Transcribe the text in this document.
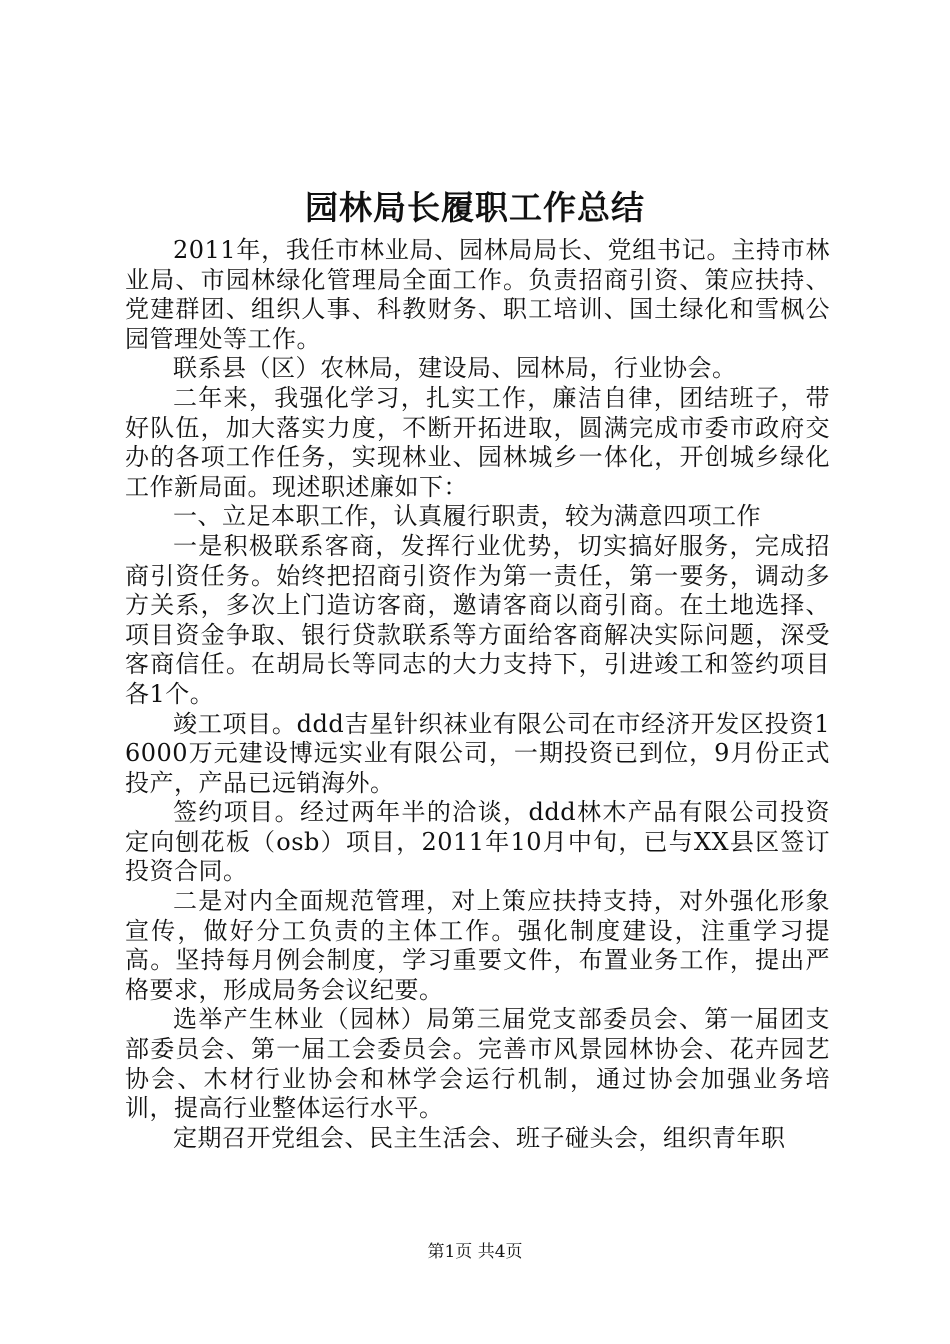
园林局长履职工作总结

2011年，我任市林业局、园林局局长、党组书记。主持市林业局、市园林绿化管理局全面工作。负责招商引资、策应扶持、党建群团、组织人事、科教财务、职工培训、国土绿化和雪枫公园管理处等工作。

联系县（区）农林局，建设局、园林局，行业协会。

二年来，我强化学习，扎实工作，廉洁自律，团结班子，带好队伍，加大落实力度，不断开拓进取，圆满完成市委市政府交办的各项工作任务，实现林业、园林城乡一体化，开创城乡绿化工作新局面。现述职述廉如下：

一、立足本职工作，认真履行职责，较为满意四项工作

一是积极联系客商，发挥行业优势，切实搞好服务，完成招商引资任务。始终把招商引资作为第一责任，第一要务，调动多方关系，多次上门造访客商，邀请客商以商引商。在土地选择、项目资金争取、银行贷款联系等方面给客商解决实际问题，深受客商信任。在胡局长等同志的大力支持下，引进竣工和签约项目各1个。

竣工项目。ddd吉星针织袜业有限公司在市经济开发区投资16000万元建设博远实业有限公司，一期投资已到位，9月份正式投产，产品已远销海外。

签约项目。经过两年半的洽谈，ddd林木产品有限公司投资定向刨花板（osb）项目，2011年10月中旬，已与XX县区签订投资合同。

二是对内全面规范管理，对上策应扶持支持，对外强化形象宣传，做好分工负责的主体工作。强化制度建设，注重学习提高。坚持每月例会制度，学习重要文件，布置业务工作，提出严格要求，形成局务会议纪要。

选举产生林业（园林）局第三届党支部委员会、第一届团支部委员会、第一届工会委员会。完善市风景园林协会、花卉园艺协会、木材行业协会和林学会运行机制，通过协会加强业务培训，提高行业整体运行水平。

定期召开党组会、民主生活会、班子碰头会，组织青年职

第1页 共4页
